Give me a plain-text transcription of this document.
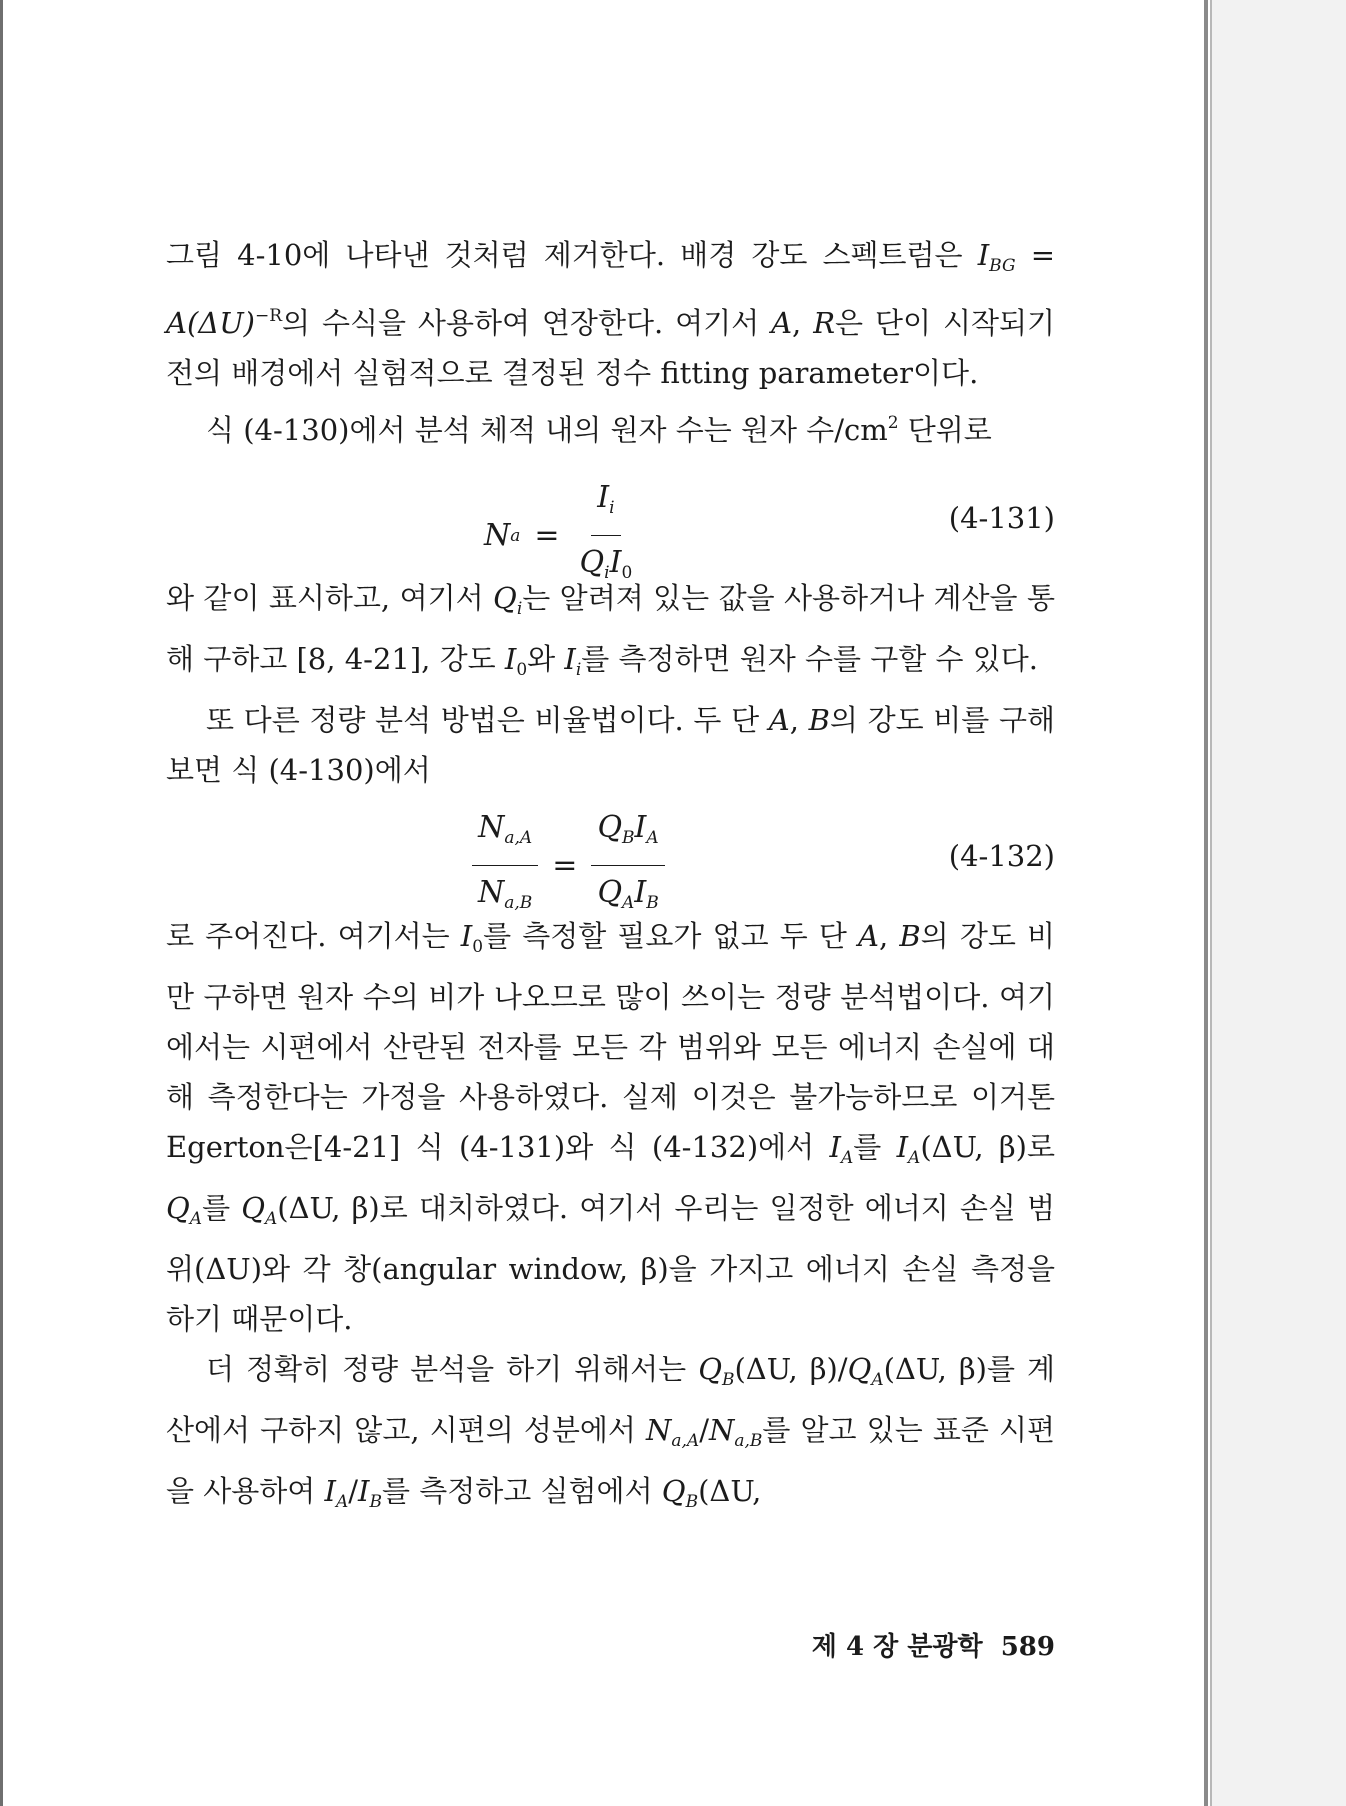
그림 4-10에 나타낸 것처럼 제거한다. 배경 강도 스펙트럼은 $I_{BG} = A(\Delta U)^{-R}$의 수식을 사용하여 연장한다. 여기서 A, R은 단이 시작되기 전의 배경에서 실험적으로 결정된 정수 fitting parameter이다.

식 (4-130)에서 분석 체적 내의 원자 수는 원자 수$/cm^2$ 단위로

N $a = \frac{I_i}{Q_iI_0}$	(4-131)

와 같이 표시하고, 여기서 $Q_i$는 알려져 있는 값을 사용하거나 계산을 통해 구하고 [8, 4-21], 강도 $I_0$와 $I_i$를 측정하면 원자 수를 구할 수 있다.

또 다른 정량 분석 방법은 비율법이다. 두 단 A, B의 강도 비를 구해 보면 식 (4-130)에서

$\frac{N_{a,A}}{N_{a,B}} = \frac{Q_BI_A}{Q_AI_B}$	(4-132)

로 주어진다. 여기서는 $I_0$를 측정할 필요가 없고 두 단 A, B의 강도 비만 구하면 원자 수의 비가 나오므로 많이 쓰이는 정량 분석법이다. 여기에서는 시편에서 산란된 전자를 모든 각 범위와 모든 에너지 손실에 대해 측정한다는 가정을 사용하였다. 실제 이것은 불가능하므로 이거톤 Egerton은[4-21] 식 (4-131)와 식 (4-132)에서 $I_A$를 $I_A(\Delta U$, β)로 $Q_A$를 $Q_A(\Delta U$, β)로 대치하였다. 여기서 우리는 일정한 에너지 손실 범위(ΔU)와 각 창(angular window, β)을 가지고 에너지 손실 측정을 하기 때문이다.

더 정확히 정량 분석을 하기 위해서는 $Q_B(\Delta U$, $\beta)/Q_A(\Delta U$, β)를 계산에서 구하지 않고, 시편의 성분에서 $N_{a,A}/N_{a,B}$를 알고 있는 표준 시편을 사용하여 $I_A/I_B$를 측정하고 실험에서 $Q_B(\Delta U$,

제 4 장 분광학 589
